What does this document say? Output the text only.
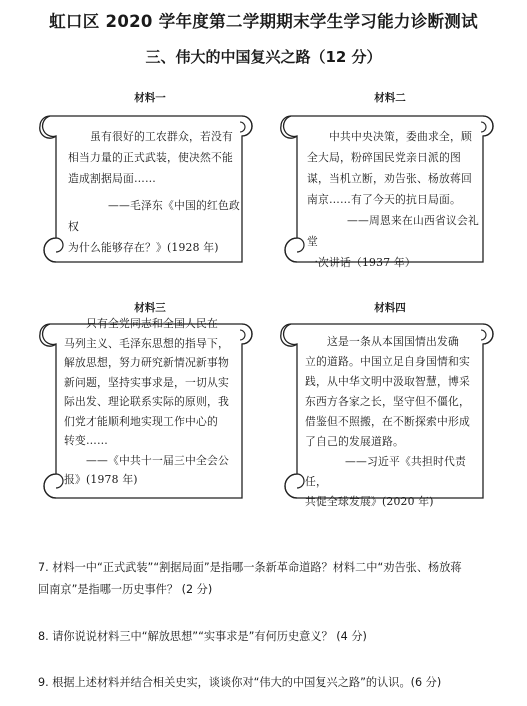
虹口区 2020 学年度第二学期期末学生学习能力诊断测试
三、伟大的中国复兴之路（12 分）
材料一

虽有很好的工农群众，若没有

相当力量的正式武装，使决然不能

造成割据局面……

——毛泽东《中国的红色政权

为什么能够存在？》(1928 年)

材料二

中共中央决策，委曲求全，顾

全大局，粉碎国民党亲日派的图

谋，当机立断，劝告张、杨放蒋回

南京……有了今天的抗日局面。

——周恩来在山西省议会礼堂

一次讲话（1937 年）

材料三

只有全党同志和全国人民在

马列主义、毛泽东思想的指导下，

解放思想，努力研究新情况新事物

新问题，坚持实事求是，一切从实

际出发、理论联系实际的原则，我

们党才能顺利地实现工作中心的

转变……

——《中共十一届三中全会公

报》(1978 年)

材料四

这是一条从本国国情出发确

立的道路。中国立足自身国情和实

践，从中华文明中汲取智慧，博采

东西方各家之长，坚守但不僵化，

借鉴但不照搬，在不断探索中形成

了自己的发展道路。

——习近平《共担时代责任，

共促全球发展》(2020 年)

7. 材料一中“正式武装”“割据局面”是指哪一条新革命道路？材料二中“劝告张、杨放蒋
回南京”是指哪一历史事件？ (2 分)
8. 请你说说材料三中“解放思想”“实事求是”有何历史意义？ (4 分)
9. 根据上述材料并结合相关史实，谈谈你对“伟大的中国复兴之路”的认识。(6 分)
